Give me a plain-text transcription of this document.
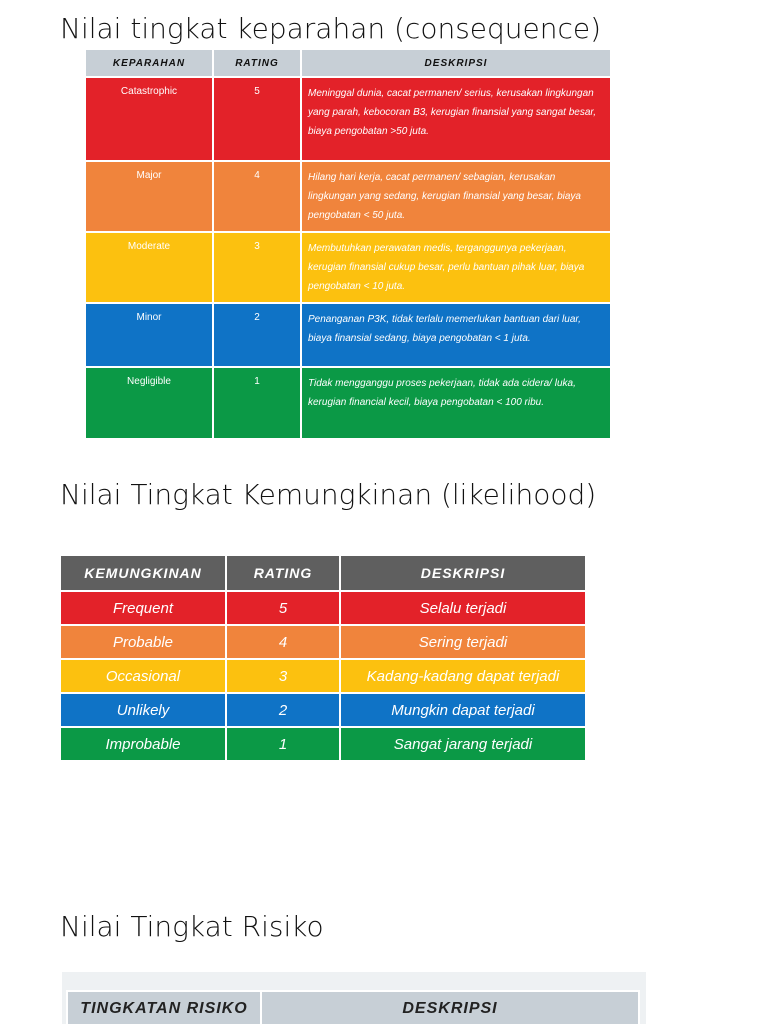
Nilai tingkat keparahan (consequence)
KEPARAHAN	RATING	DESKRIPSI
Catastrophic	5	Meninggal dunia, cacat permanen/ serius, kerusakan lingkungan yang parah, kebocoran B3, kerugian finansial yang sangat besar, biaya pengobatan >50 juta.
Major	4	Hilang hari kerja, cacat permanen/ sebagian, kerusakan lingkungan yang sedang, kerugian finansial yang besar, biaya pengobatan < 50 juta.
Moderate	3	Membutuhkan perawatan medis, terganggunya pekerjaan, kerugian finansial cukup besar, perlu bantuan pihak luar, biaya pengobatan < 10 juta.
Minor	2	Penanganan P3K, tidak terlalu memerlukan bantuan dari luar, biaya finansial sedang, biaya pengobatan < 1 juta.
Negligible	1	Tidak mengganggu proses pekerjaan, tidak ada cidera/ luka, kerugian financial kecil, biaya pengobatan < 100 ribu.
Nilai Tingkat Kemungkinan (likelihood)
KEMUNGKINAN	RATING	DESKRIPSI
Frequent	5	Selalu terjadi
Probable	4	Sering terjadi
Occasional	3	Kadang-kadang dapat terjadi
Unlikely	2	Mungkin dapat terjadi
Improbable	1	Sangat jarang terjadi
Nilai Tingkat Risiko
TINGKATAN RISIKO	DESKRIPSI
